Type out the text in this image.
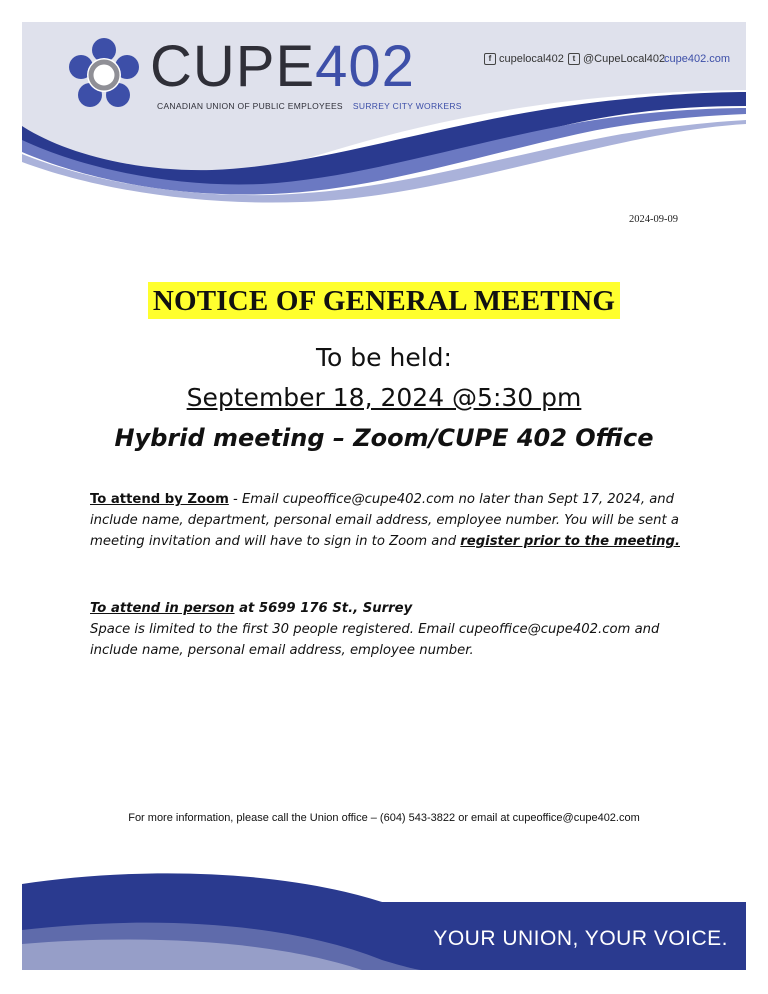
CUPE402
CANADIAN UNION OF PUBLIC EMPLOYEES SURREY CITY WORKERS
f cupelocal402	t @CupeLocal402
cupe402.com
2024-09-09
NOTICE OF GENERAL MEETING
To be held:
September 18, 2024 @5:30 pm
Hybrid meeting – Zoom/CUPE 402 Office
To attend by Zoom - Email cupeoffice@cupe402.com no later than Sept 17, 2024, and include name, department, personal email address, employee number. You will be sent a meeting invitation and will have to sign in to Zoom and register prior to the meeting.
To attend in person at 5699 176 St., Surrey
Space is limited to the first 30 people registered. Email cupeoffice@cupe402.com and include name, personal email address, employee number.
For more information, please call the Union office – (604) 543-3822 or email at cupeoffice@cupe402.com
YOUR UNION, YOUR VOICE.
